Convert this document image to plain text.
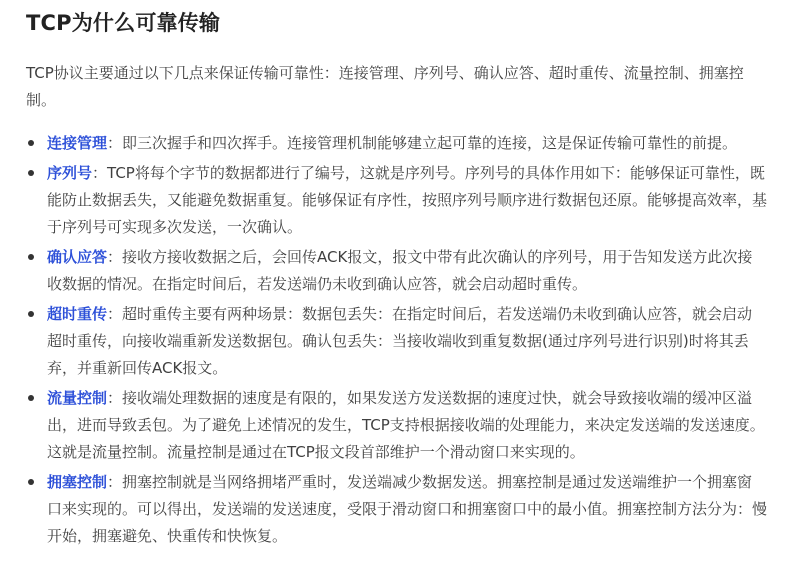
TCP为什么可靠传输

TCP协议主要通过以下几点来保证传输可靠性：连接管理、序列号、确认应答、超时重传、流量控制、拥塞控制。

连接管理：即三次握手和四次挥手。连接管理机制能够建立起可靠的连接，这是保证传输可靠性的前提。
序列号：TCP将每个字节的数据都进行了编号，这就是序列号。序列号的具体作用如下：能够保证可靠性，既能防止数据丢失，又能避免数据重复。能够保证有序性，按照序列号顺序进行数据包还原。能够提高效率，基于序列号可实现多次发送，一次确认。
确认应答：接收方接收数据之后，会回传ACK报文，报文中带有此次确认的序列号，用于告知发送方此次接收数据的情况。在指定时间后，若发送端仍未收到确认应答，就会启动超时重传。
超时重传：超时重传主要有两种场景：数据包丢失：在指定时间后，若发送端仍未收到确认应答，就会启动超时重传，向接收端重新发送数据包。确认包丢失：当接收端收到重复数据(通过序列号进行识别)时将其丢弃，并重新回传ACK报文。
流量控制：接收端处理数据的速度是有限的，如果发送方发送数据的速度过快，就会导致接收端的缓冲区溢出，进而导致丢包。为了避免上述情况的发生，TCP支持根据接收端的处理能力，来决定发送端的发送速度。这就是流量控制。流量控制是通过在TCP报文段首部维护一个滑动窗口来实现的。
拥塞控制：拥塞控制就是当网络拥堵严重时，发送端减少数据发送。拥塞控制是通过发送端维护一个拥塞窗口来实现的。可以得出，发送端的发送速度，受限于滑动窗口和拥塞窗口中的最小值。拥塞控制方法分为：慢开始，拥塞避免、快重传和快恢复。
